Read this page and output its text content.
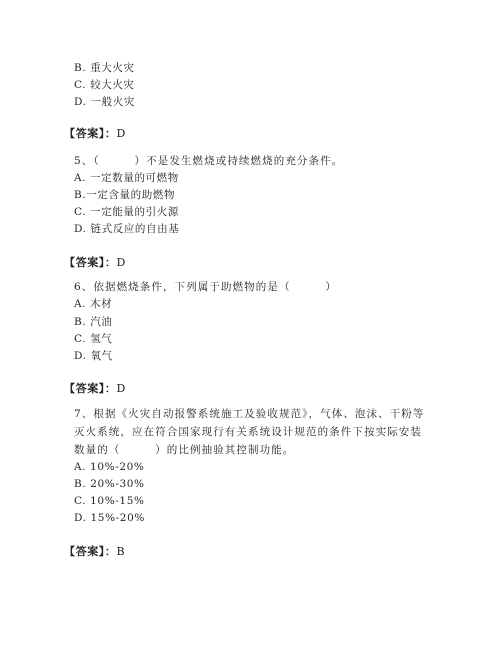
B. 重大火灾
C. 较大火灾
D. 一般火灾
【答案】：D
5、（　　　）不是发生燃烧或持续燃烧的充分条件。
A. 一定数量的可燃物
B.一定含量的助燃物
C. 一定能量的引火源
D. 链式反应的自由基
【答案】：D
6、依据燃烧条件，下列属于助燃物的是（　　　）
A. 木材
B. 汽油
C. 氢气
D. 氧气
【答案】：D
7、根据《火灾自动报警系统施工及验收规范》，气体、泡沫、干粉等
灭火系统，应在符合国家现行有关系统设计规范的条件下按实际安装
数量的（　　　）的比例抽验其控制功能。
A. 10%-20%
B. 20%-30%
C. 10%-15%
D. 15%-20%
【答案】：B
